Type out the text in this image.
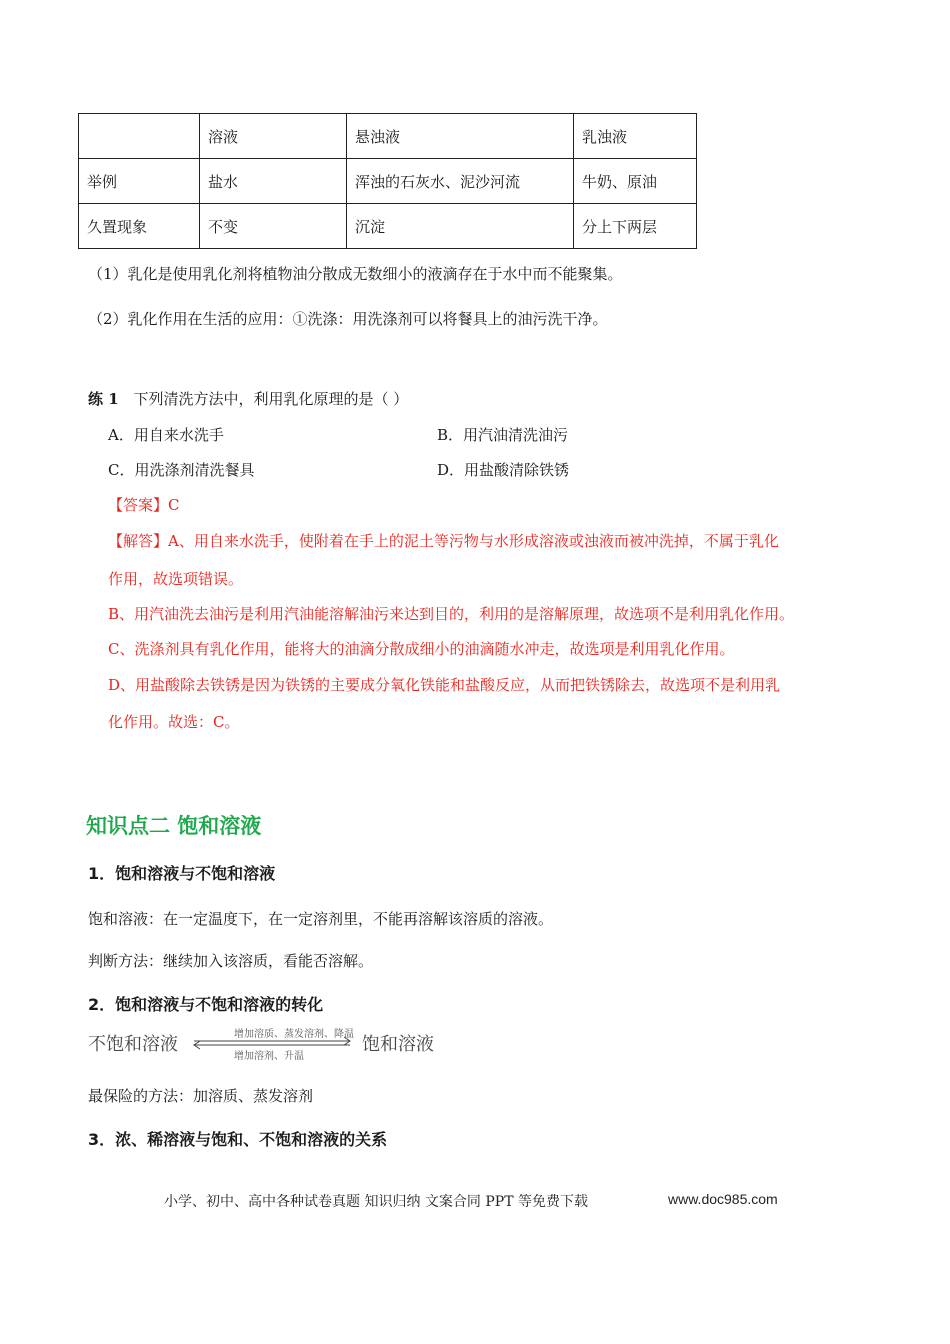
	溶液	悬浊液	乳浊液
举例	盐水	浑浊的石灰水、泥沙河流	牛奶、原油
久置现象	不变	沉淀	分上下两层
（1）乳化是使用乳化剂将植物油分散成无数细小的液滴存在于水中而不能聚集。
（2）乳化作用在生活的应用：①洗涤：用洗涤剂可以将餐具上的油污洗干净。
练 1 下列清洗方法中，利用乳化原理的是（ ）
A．用自来水洗手	B．用汽油清洗油污
C．用洗涤剂清洗餐具	D．用盐酸清除铁锈
【答案】C
【解答】A、用自来水洗手，使附着在手上的泥土等污物与水形成溶液或浊液而被冲洗掉，不属于乳化
作用，故选项错误。
B、用汽油洗去油污是利用汽油能溶解油污来达到目的，利用的是溶解原理，故选项不是利用乳化作用。
C、洗涤剂具有乳化作用，能将大的油滴分散成细小的油滴随水冲走，故选项是利用乳化作用。
D、用盐酸除去铁锈是因为铁锈的主要成分氧化铁能和盐酸反应，从而把铁锈除去，故选项不是利用乳
化作用。故选：C。
知识点二 饱和溶液
1．饱和溶液与不饱和溶液
饱和溶液：在一定温度下，在一定溶剂里，不能再溶解该溶质的溶液。
判断方法：继续加入该溶质，看能否溶解。
2．饱和溶液与不饱和溶液的转化
不饱和溶液	增加溶质、蒸发溶剂、降温
增加溶剂、升温
饱和溶液
最保险的方法：加溶质、蒸发溶剂
3．浓、稀溶液与饱和、不饱和溶液的关系
小学、初中、高中各种试卷真题 知识归纳 文案合同 PPT 等免费下载	www.doc985.com
